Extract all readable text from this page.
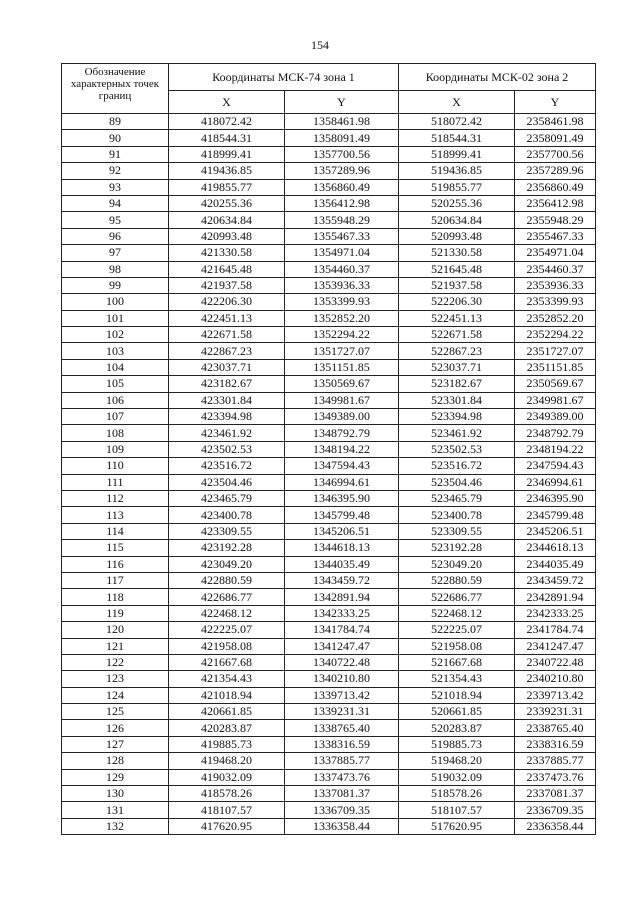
154
Обозначение характерных точек границ	Координаты МСК-74 зона 1		Координаты МСК-02 зона 2	
	X	Y	X	Y
89	418072.42	1358461.98	518072.42	2358461.98
90	418544.31	1358091.49	518544.31	2358091.49
91	418999.41	1357700.56	518999.41	2357700.56
92	419436.85	1357289.96	519436.85	2357289.96
93	419855.77	1356860.49	519855.77	2356860.49
94	420255.36	1356412.98	520255.36	2356412.98
95	420634.84	1355948.29	520634.84	2355948.29
96	420993.48	1355467.33	520993.48	2355467.33
97	421330.58	1354971.04	521330.58	2354971.04
98	421645.48	1354460.37	521645.48	2354460.37
99	421937.58	1353936.33	521937.58	2353936.33
100	422206.30	1353399.93	522206.30	2353399.93
101	422451.13	1352852.20	522451.13	2352852.20
102	422671.58	1352294.22	522671.58	2352294.22
103	422867.23	1351727.07	522867.23	2351727.07
104	423037.71	1351151.85	523037.71	2351151.85
105	423182.67	1350569.67	523182.67	2350569.67
106	423301.84	1349981.67	523301.84	2349981.67
107	423394.98	1349389.00	523394.98	2349389.00
108	423461.92	1348792.79	523461.92	2348792.79
109	423502.53	1348194.22	523502.53	2348194.22
110	423516.72	1347594.43	523516.72	2347594.43
111	423504.46	1346994.61	523504.46	2346994.61
112	423465.79	1346395.90	523465.79	2346395.90
113	423400.78	1345799.48	523400.78	2345799.48
114	423309.55	1345206.51	523309.55	2345206.51
115	423192.28	1344618.13	523192.28	2344618.13
116	423049.20	1344035.49	523049.20	2344035.49
117	422880.59	1343459.72	522880.59	2343459.72
118	422686.77	1342891.94	522686.77	2342891.94
119	422468.12	1342333.25	522468.12	2342333.25
120	422225.07	1341784.74	522225.07	2341784.74
121	421958.08	1341247.47	521958.08	2341247.47
122	421667.68	1340722.48	521667.68	2340722.48
123	421354.43	1340210.80	521354.43	2340210.80
124	421018.94	1339713.42	521018.94	2339713.42
125	420661.85	1339231.31	520661.85	2339231.31
126	420283.87	1338765.40	520283.87	2338765.40
127	419885.73	1338316.59	519885.73	2338316.59
128	419468.20	1337885.77	519468.20	2337885.77
129	419032.09	1337473.76	519032.09	2337473.76
130	418578.26	1337081.37	518578.26	2337081.37
131	418107.57	1336709.35	518107.57	2336709.35
132	417620.95	1336358.44	517620.95	2336358.44
